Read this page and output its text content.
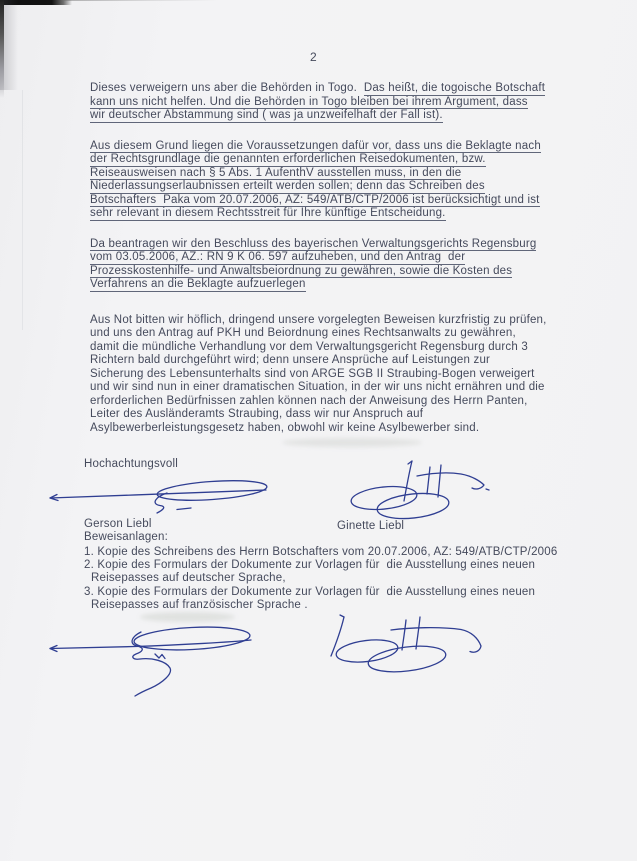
2
Dieses verweigern uns aber die Behörden in Togo.  Das heißt, die togoische Botschaft
kann uns nicht helfen. Und die Behörden in Togo bleiben bei ihrem Argument, dass
wir deutscher Abstammung sind ( was ja unzweifelhaft der Fall ist).
Aus diesem Grund liegen die Voraussetzungen dafür vor, dass uns die Beklagte nach
der Rechtsgrundlage die genannten erforderlichen Reisedokumenten, bzw.
Reiseausweisen nach § 5 Abs. 1 AufenthV ausstellen muss, in den die
Niederlassungserlaubnissen erteilt werden sollen; denn das Schreiben des
Botschafters  Paka vom 20.07.2006, AZ: 549/ATB/CTP/2006 ist berücksichtigt und ist
sehr relevant in diesem Rechtsstreit für Ihre künftige Entscheidung.
Da beantragen wir den Beschluss des bayerischen Verwaltungsgerichts Regensburg
vom 03.05.2006, AZ.: RN 9 K 06. 597 aufzuheben, und den Antrag  der
Prozesskostenhilfe- und Anwaltsbeiordnung zu gewähren, sowie die Kosten des
Verfahrens an die Beklagte aufzuerlegen
Aus Not bitten wir höflich, dringend unsere vorgelegten Beweisen kurzfristig zu prüfen,
und uns den Antrag auf PKH und Beiordnung eines Rechtsanwalts zu gewähren,
damit die mündliche Verhandlung vor dem Verwaltungsgericht Regensburg durch 3
Richtern bald durchgeführt wird; denn unsere Ansprüche auf Leistungen zur
Sicherung des Lebensunterhalts sind von ARGE SGB II Straubing-Bogen verweigert
und wir sind nun in einer dramatischen Situation, in der wir uns nicht ernähren und die
erforderlichen Bedürfnissen zahlen können nach der Anweisung des Herrn Panten,
Leiter des Ausländeramts Straubing, dass wir nur Anspruch auf
Asylbewerberleistungsgesetz haben, obwohl wir keine Asylbewerber sind.
Hochachtungsvoll
Gerson Liebl	Ginette Liebl
Beweisanlagen:
1. Kopie des Schreibens des Herrn Botschafters vom 20.07.2006, AZ: 549/ATB/CTP/2006
2. Kopie des Formulars der Dokumente zur Vorlagen für  die Ausstellung eines neuen
Reisepasses auf deutscher Sprache,
3. Kopie des Formulars der Dokumente zur Vorlagen für  die Ausstellung eines neuen
Reisepasses auf französischer Sprache .
